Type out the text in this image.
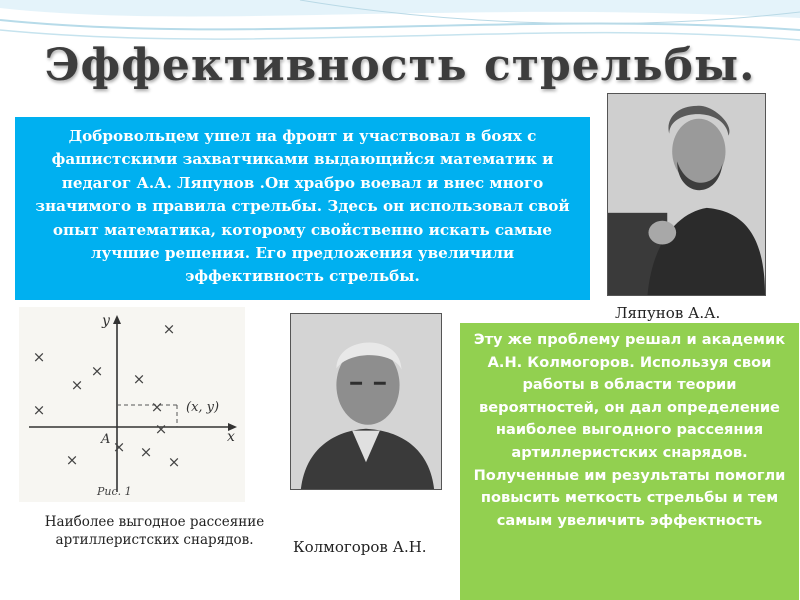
Эффективность стрельбы.
Добровольцем ушел на фронт и участвовал в боях с фашистскими захватчиками выдающийся математик и педагог А.А. Ляпунов .Он храбро воевал и внес много значимого в правила стрельбы. Здесь он использовал свой опыт математика, которому свойственно искать самые лучшие решения. Его предложения увеличили эффективность стрельбы.
Ляпунов А.А.
Колмогоров А.Н.
Эту же проблему решал и академик А.Н. Колмогоров. Используя свои работы в области теории вероятностей, он дал определение наиболее выгодного рассеяния артиллеристских снарядов. Полученные им результаты помогли повысить меткость стрельбы и тем самым увеличить эффектность
y
x
A
(x, y)
Рис. 1
×
×
×
× ×
×
×
×
×
×
×
×
Наиболее выгодное рассеяние артиллеристских снарядов.
